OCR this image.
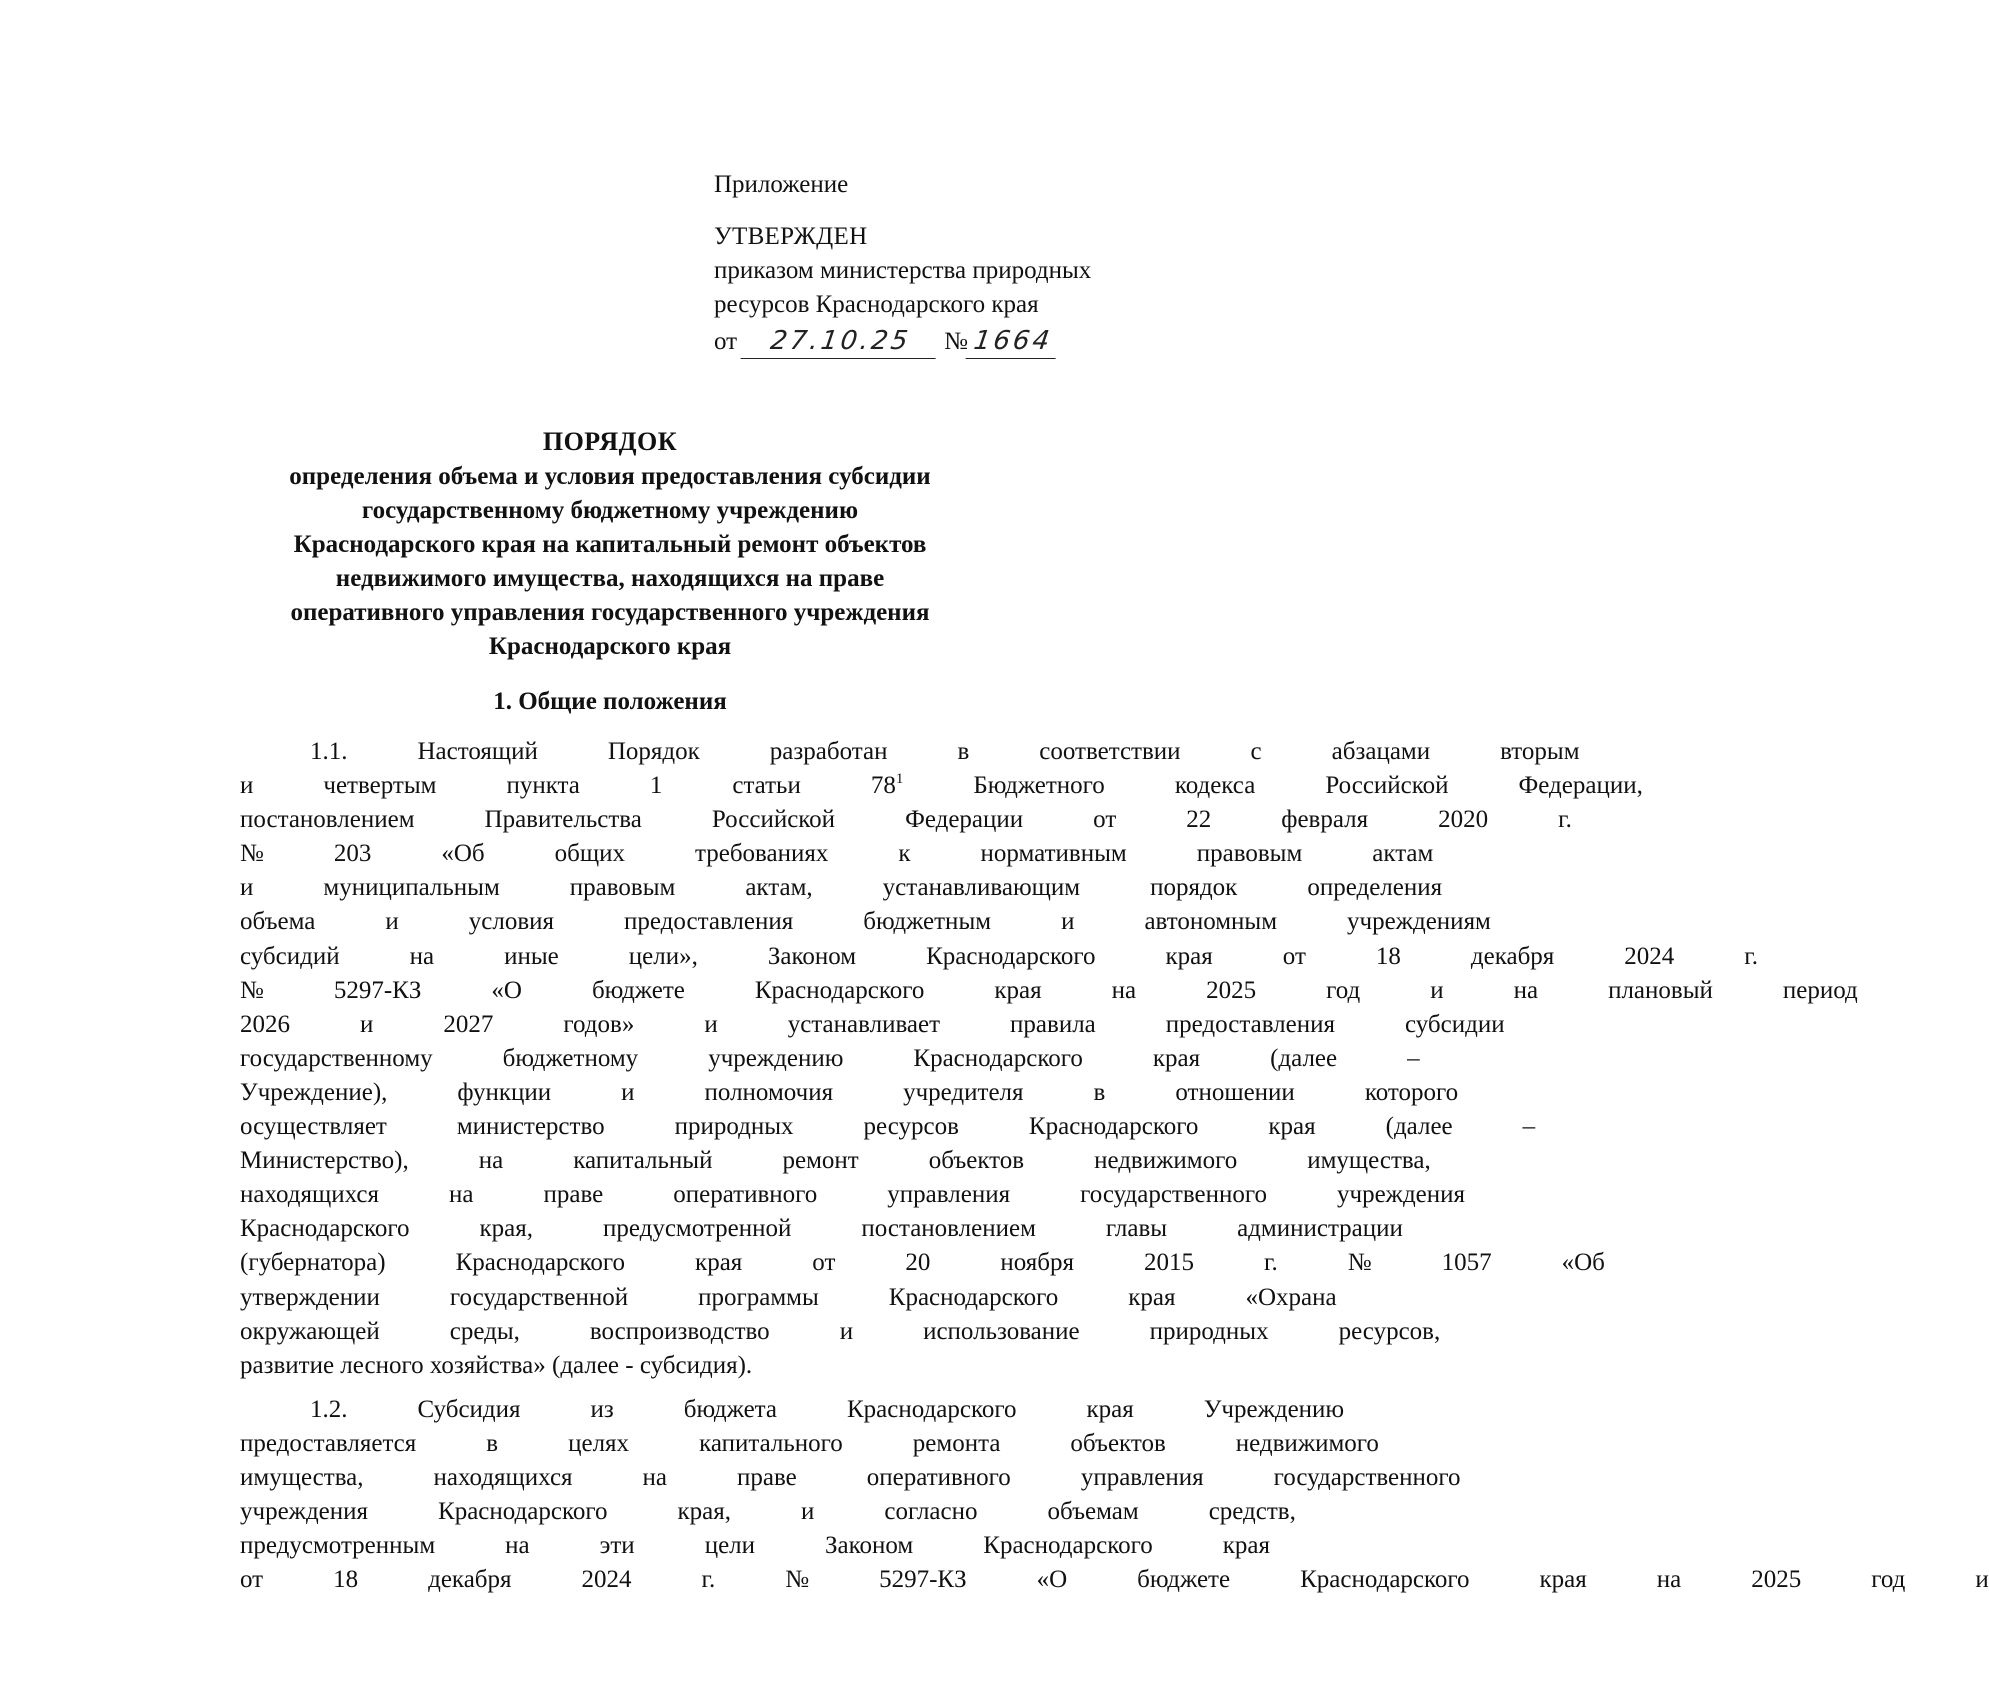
Приложение
УТВЕРЖДЕН
приказом министерства природных
ресурсов Краснодарского края
от 27.10.25 № 1664
ПОРЯДОК
определения объема и условия предоставления субсидии
государственному бюджетному учреждению
Краснодарского края на капитальный ремонт объектов
недвижимого имущества, находящихся на праве
оперативного управления государственного учреждения
Краснодарского края
1. Общие положения
1.1.	Настоящий	Порядок	разработан	в	соответствии	с	абзацами	вторым
и	четвертым	пункта	1	статьи	$78^1$	Бюджетного	кодекса	Российской	Федерации,
постановлением	Правительства	Российской	Федерации	от	22	февраля	2020	г.
№	203	«Об	общих	требованиях	к	нормативным	правовым	актам
и	муниципальным	правовым	актам,	устанавливающим	порядок	определения
объема	и	условия	предоставления	бюджетным	и	автономным	учреждениям
субсидий	на	иные	цели»,	Законом	Краснодарского	края	от	18	декабря	2024	г.
№	5297-КЗ	«О	бюджете	Краснодарского	края	на	2025	год	и	на	плановый	период
2026	и	2027	годов»	и	устанавливает	правила	предоставления	субсидии
государственному	бюджетному	учреждению	Краснодарского	края	(далее	–
Учреждение),	функции	и	полномочия	учредителя	в	отношении	которого
осуществляет	министерство	природных	ресурсов	Краснодарского	края	(далее	–
Министерство),	на	капитальный	ремонт	объектов	недвижимого	имущества,
находящихся	на	праве	оперативного	управления	государственного	учреждения
Краснодарского	края,	предусмотренной	постановлением	главы	администрации
(губернатора)	Краснодарского	края	от	20	ноября	2015	г.	№	1057	«Об
утверждении	государственной	программы	Краснодарского	края	«Охрана
окружающей	среды,	воспроизводство	и	использование	природных	ресурсов,
развитие лесного хозяйства» (далее - субсидия).
1.2.	Субсидия	из	бюджета	Краснодарского	края	Учреждению
предоставляется	в	целях	капитального	ремонта	объектов	недвижимого
имущества,	находящихся	на	праве	оперативного	управления	государственного
учреждения	Краснодарского	края,	и	согласно	объемам	средств,
предусмотренным	на	эти	цели	Законом	Краснодарского	края
от	18	декабря	2024	г.	№	5297-КЗ	«О	бюджете	Краснодарского	края	на	2025	год	и
